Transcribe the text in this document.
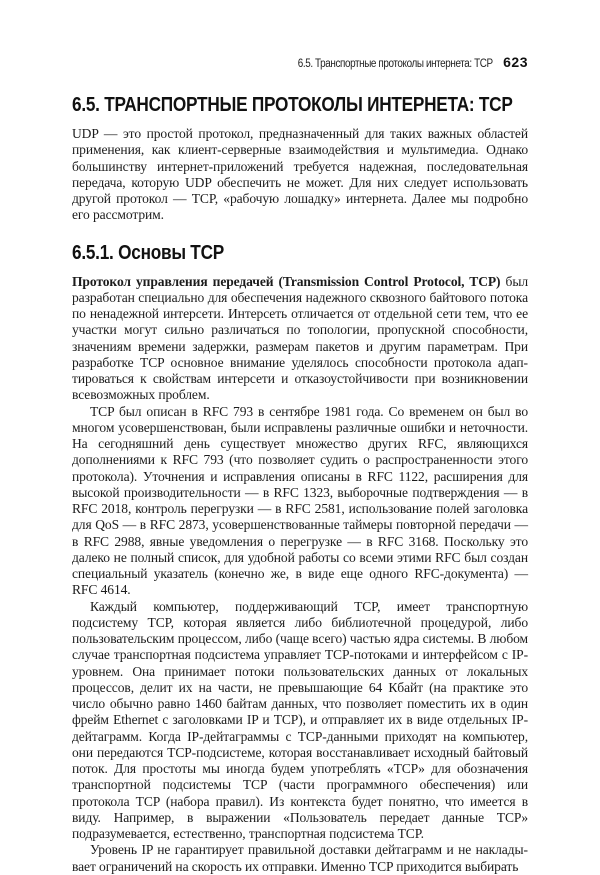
6.5. Транспортные протоколы интернета: TCP 623
6.5. ТРАНСПОРТНЫЕ ПРОТОКОЛЫ ИНТЕРНЕТА: TCP

UDP — это простой протокол, предназначенный для таких важных областей применения, как клиент-серверные взаимодействия и мультимедиа. Однако большинству интернет-приложений требуется надежная, последовательная передача, которую UDP обеспечить не может. Для них следует использовать другой протокол — TCP, «рабочую лошадку» интернета. Далее мы подробно его рассмотрим.

6.5.1. Основы TCP

Протокол управления передачей (Transmission Control Protocol, TCP) был разработан специально для обеспечения надежного сквозного байтового потока по ненадежной интерсети. Интерсеть отличается от отдельной сети тем, что ее участки могут сильно различаться по топологии, пропускной способности, значениям времени задержки, размерам пакетов и другим параметрам. При разработке TCP основное внимание уделялось способности протокола адаптироваться к свойствам интерсети и отказоустойчивости при возникновении всевозможных проблем.

TCP был описан в RFC 793 в сентябре 1981 года. Со временем он был во многом усовершенствован, были исправлены различные ошибки и неточности. На сегодняшний день существует множество других RFC, являющихся дополнениями к RFC 793 (что позволяет судить о распространенности этого протокола). Уточнения и исправления описаны в RFC 1122, расширения для высокой производительности — в RFC 1323, выборочные подтверждения — в RFC 2018, контроль перегрузки — в RFC 2581, использование полей заголовка для QoS — в RFC 2873, усовершенствованные таймеры повторной передачи — в RFC 2988, явные уведомления о перегрузке — в RFC 3168. Поскольку это далеко не полный список, для удобной работы со всеми этими RFC был создан специальный указатель (конечно же, в виде еще одного RFC-документа) — RFC 4614.

Каждый компьютер, поддерживающий TCP, имеет транспортную подсистему TCP, которая является либо библиотечной процедурой, либо пользовательским процессом, либо (чаще всего) частью ядра системы. В любом случае транспортная подсистема управляет TCP-потоками и интерфейсом с IP-уровнем. Она принимает потоки пользовательских данных от локальных процессов, делит их на части, не превышающие 64 Кбайт (на практике это число обычно равно 1460 байтам данных, что позволяет поместить их в один фрейм Ethernet с заголовками IP и TCP), и отправляет их в виде отдельных IP-дейтаграмм. Когда IP-дейтаграммы с TCP-данными приходят на компьютер, они передаются TCP-подсистеме, которая восстанавливает исходный байтовый поток. Для простоты мы иногда будем употреблять «TCP» для обозначения транспортной подсистемы TCP (части программного обеспечения) или протокола TCP (набора правил). Из контекста будет понятно, что имеется в виду. Например, в выражении «Пользователь передает данные TCP» подразумевается, естественно, транспортная подсистема TCP.

Уровень IP не гарантирует правильной доставки дейтаграмм и не накладывает ограничений на скорость их отправки. Именно TCP приходится выбирать
